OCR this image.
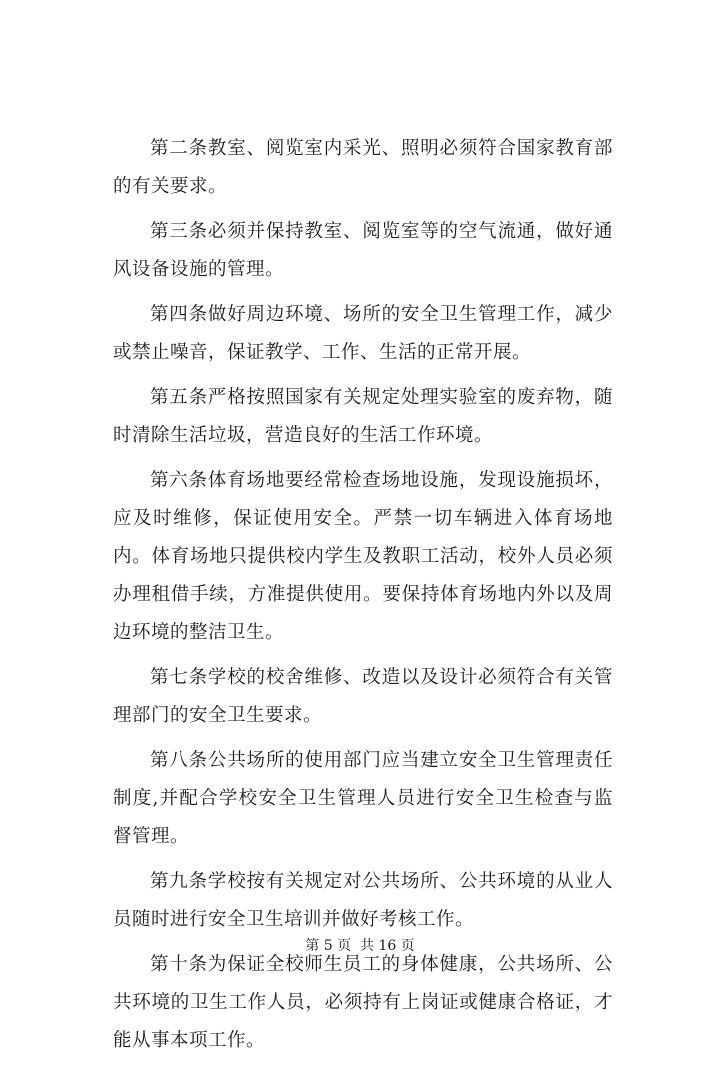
第二条教室、阅览室内采光、照明必须符合国家教育部的有关要求。

第三条必须并保持教室、阅览室等的空气流通，做好通风设备设施的管理。

第四条做好周边环境、场所的安全卫生管理工作，减少或禁止噪音，保证教学、工作、生活的正常开展。

第五条严格按照国家有关规定处理实验室的废弃物，随时清除生活垃圾，营造良好的生活工作环境。

第六条体育场地要经常检查场地设施，发现设施损坏，应及时维修，保证使用安全。严禁一切车辆进入体育场地内。体育场地只提供校内学生及教职工活动，校外人员必须办理租借手续，方准提供使用。要保持体育场地内外以及周边环境的整洁卫生。

第七条学校的校舍维修、改造以及设计必须符合有关管理部门的安全卫生要求。

第八条公共场所的使用部门应当建立安全卫生管理责任制度,并配合学校安全卫生管理人员进行安全卫生检查与监督管理。

第九条学校按有关规定对公共场所、公共环境的从业人员随时进行安全卫生培训并做好考核工作。

第十条为保证全校师生员工的身体健康，公共场所、公共环境的卫生工作人员，必须持有上岗证或健康合格证，才能从事本项工作。

第 5 页  共 16 页
